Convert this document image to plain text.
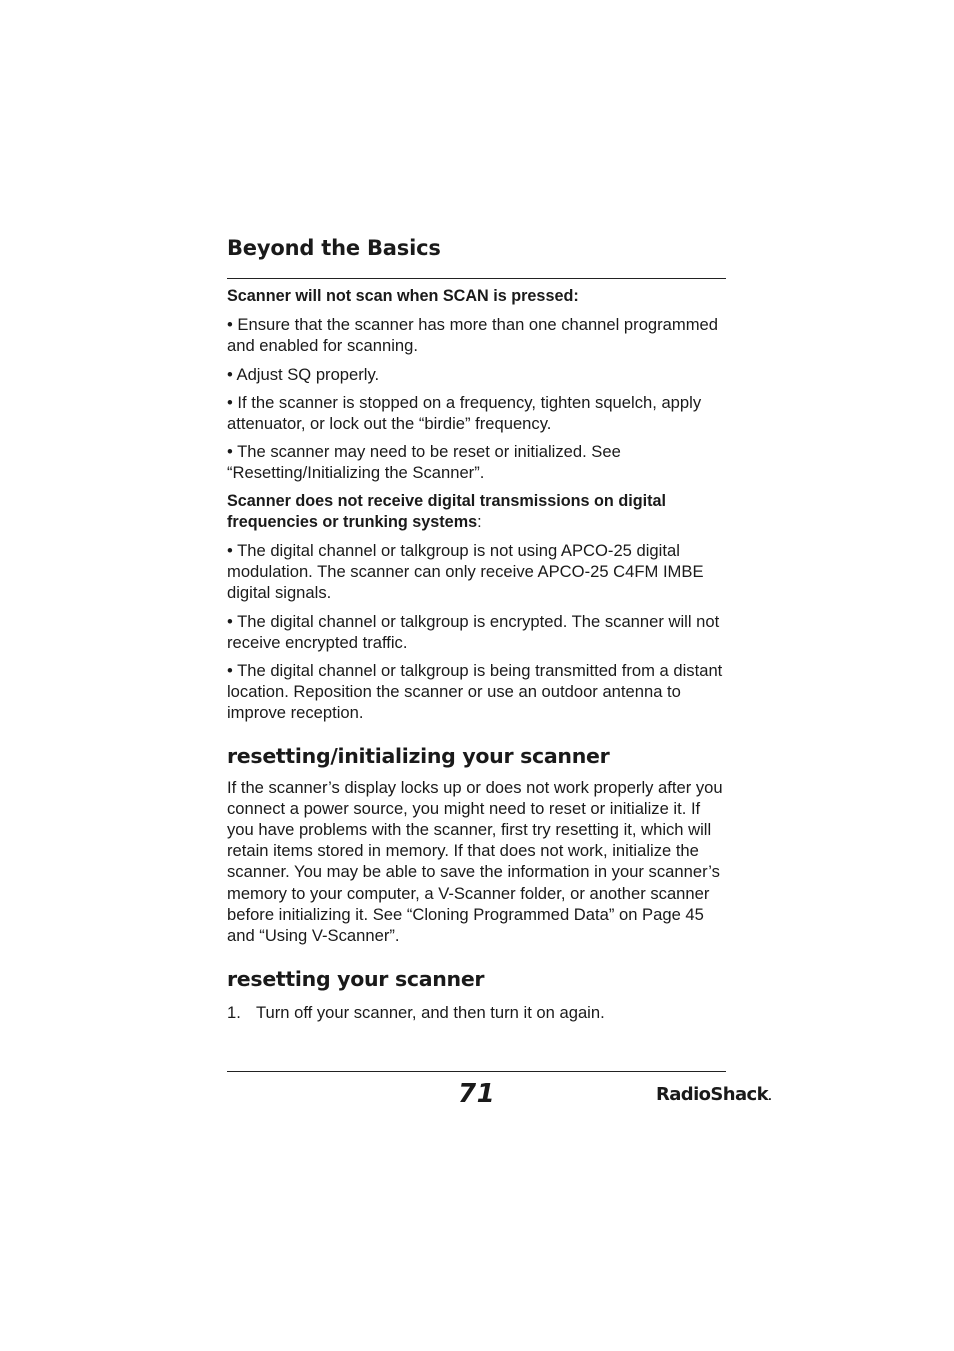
Beyond the Basics

Scanner will not scan when SCAN is pressed:

• Ensure that the scanner has more than one channel programmed and enabled for scanning.

• Adjust SQ properly.

• If the scanner is stopped on a frequency, tighten squelch, apply attenuator, or lock out the “birdie” frequency.

• The scanner may need to be reset or initialized. See “Resetting/Initializing the Scanner”.

Scanner does not receive digital transmissions on digital frequencies or trunking systems:

• The digital channel or talkgroup is not using APCO-25 digital modulation. The scanner can only receive APCO-25 C4FM IMBE digital signals.

• The digital channel or talkgroup is encrypted. The scanner will not receive encrypted traffic.

• The digital channel or talkgroup is being transmitted from a distant location. Reposition the scanner or use an outdoor antenna to improve reception.

resetting/initializing your scanner

If the scanner’s display locks up or does not work properly after you connect a power source, you might need to reset or initialize it. If you have problems with the scanner, first try resetting it, which will retain items stored in memory. If that does not work, initialize the scanner. You may be able to save the information in your scanner’s memory to your computer, a V-Scanner folder, or another scanner before initializing it. See “Cloning Programmed Data” on Page 45 and “Using V-Scanner”.

resetting your scanner
1. Turn off your scanner, and then turn it on again.
71	RadioShack.
